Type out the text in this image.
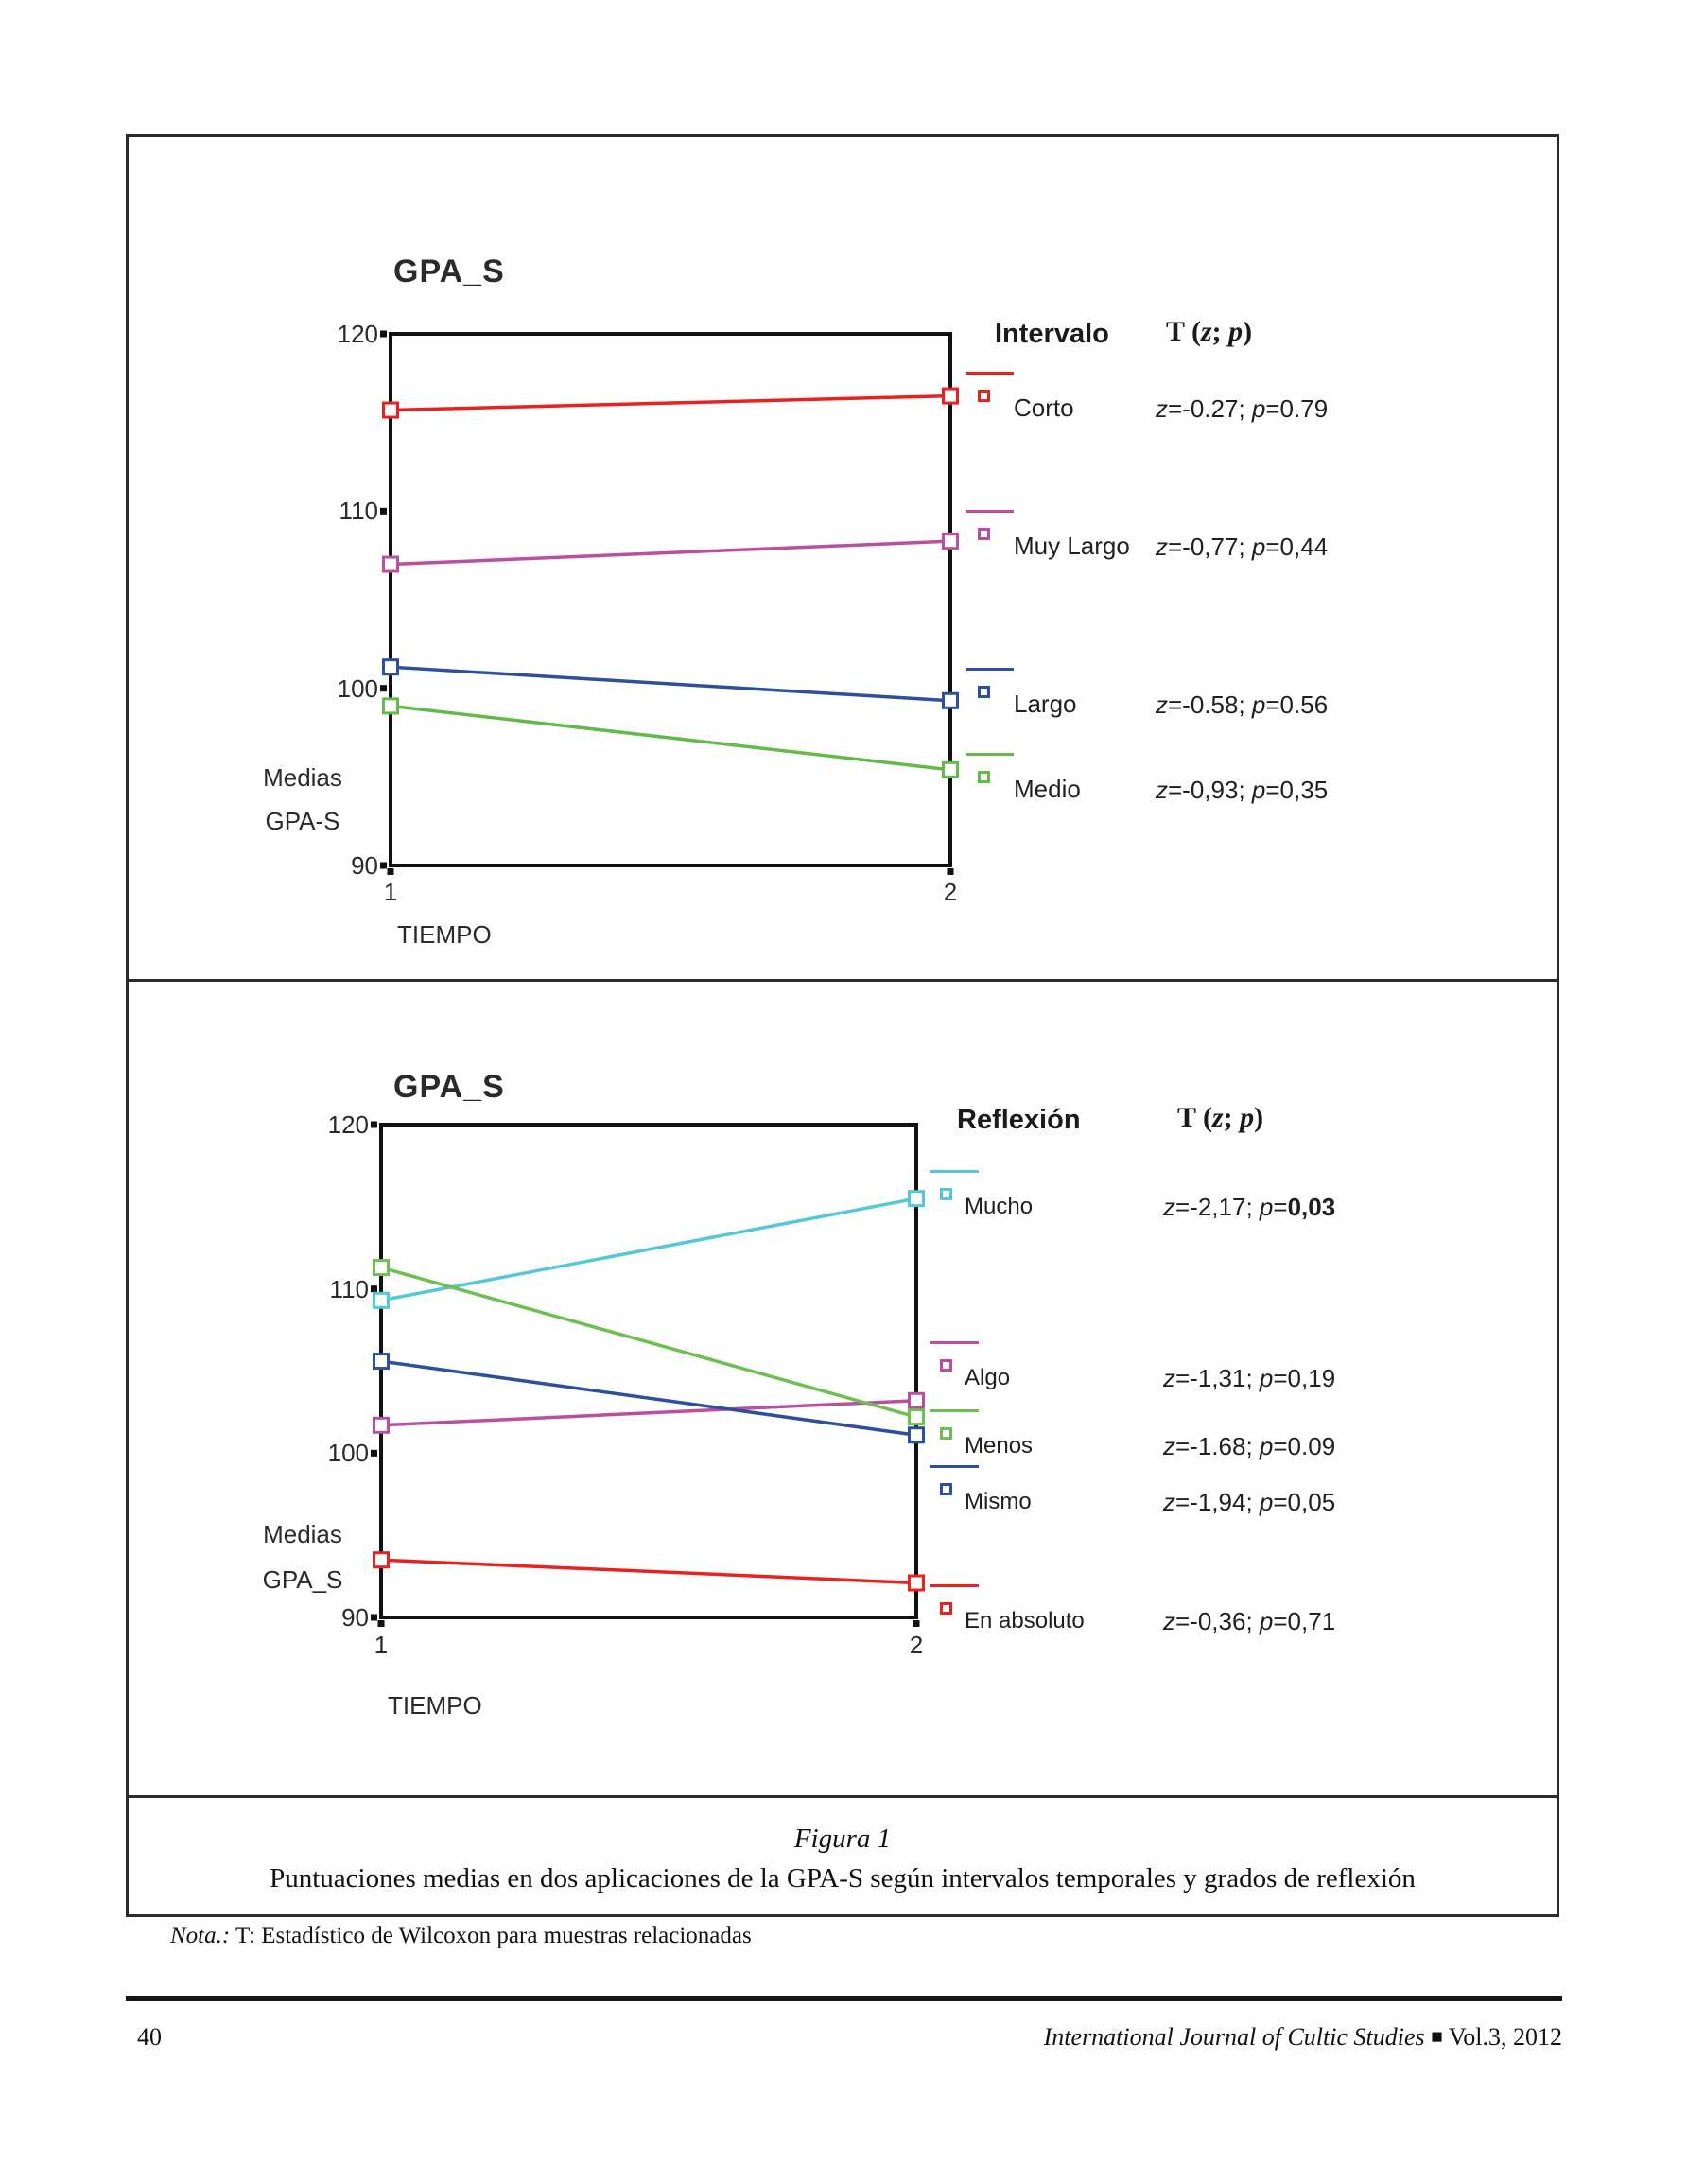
GPA_S
120
110
100
90
Medias
GPA-S
1	2
TIEMPO
Intervalo T (z; p)
Corto	z=-0.27; p=0.79
Muy Largo z=-0,77; p=0,44
Largo	z=-0.58; p=0.56
Medio	z=-0,93; p=0,35
GPA_S
120
110
100
90
Medias
GPA_S
1	2
TIEMPO
Reflexión	T (z; p)
Mucho	z=-2,17; p=0,03
Algo	z=-1,31; p=0,19
Menos	z=-1.68; p=0.09
Mismo	z=-1,94; p=0,05
En absoluto	z=-0,36; p=0,71
Figura 1
Puntuaciones medias en dos aplicaciones de la GPA-S según intervalos temporales y grados de reflexión
Nota.: T: Estadístico de Wilcoxon para muestras relacionadas
40	International Journal of Cultic Studies ■ Vol.3, 2012
